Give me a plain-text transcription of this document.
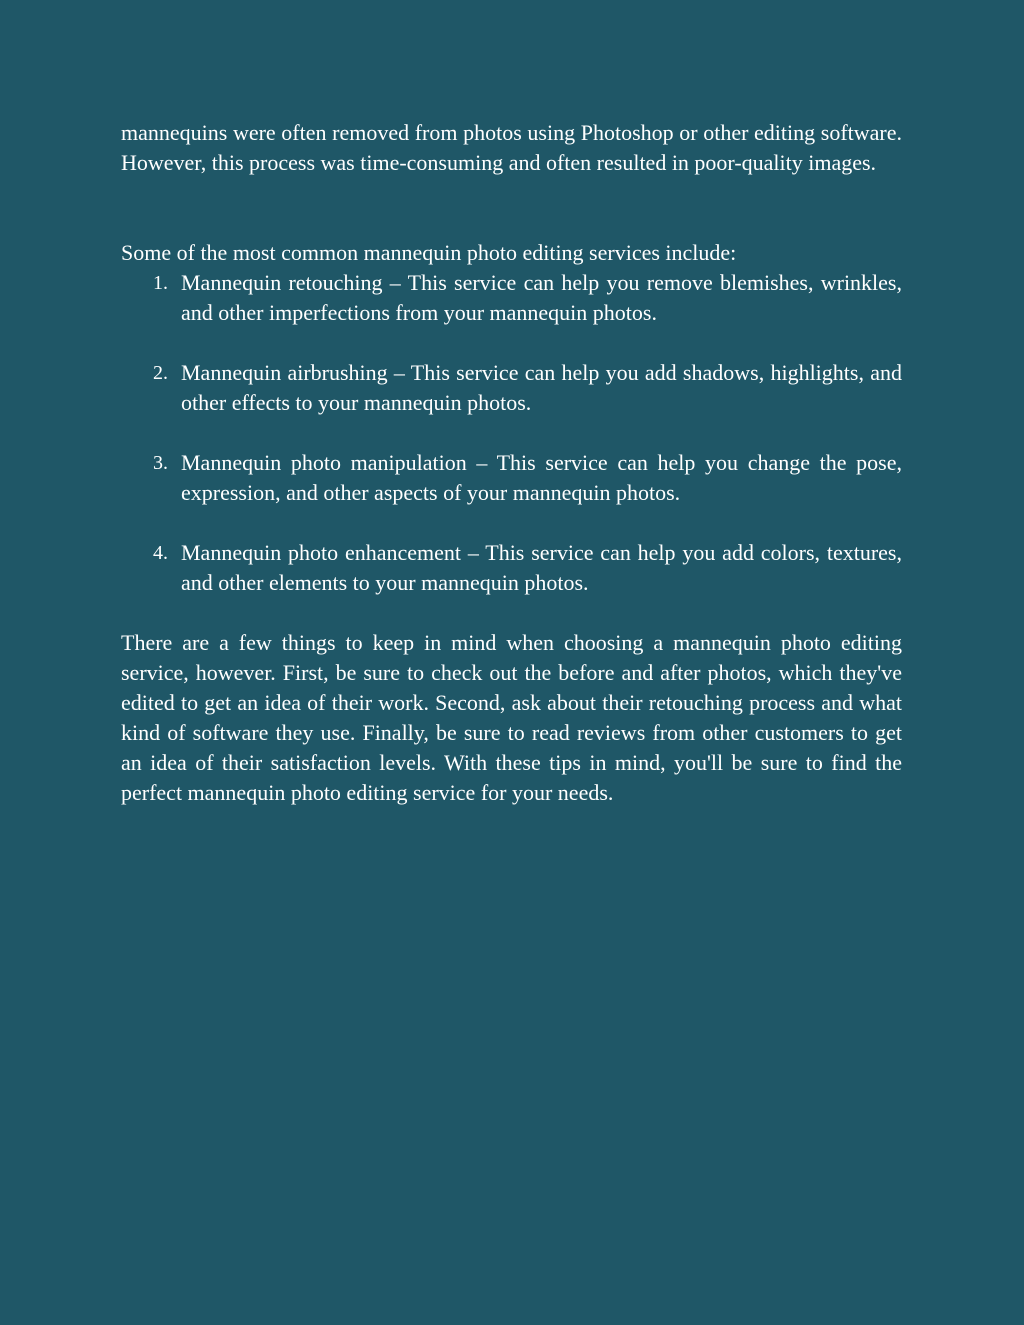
mannequins were often removed from photos using Photoshop or other editing software. However, this process was time-consuming and often resulted in poor-quality images.

Some of the most common mannequin photo editing services include:

1. Mannequin retouching – This service can help you remove blemishes, wrinkles, and other imperfections from your mannequin photos.
2. Mannequin airbrushing – This service can help you add shadows, highlights, and other effects to your mannequin photos.
3. Mannequin photo manipulation – This service can help you change the pose, expression, and other aspects of your mannequin photos.
4. Mannequin photo enhancement – This service can help you add colors, textures, and other elements to your mannequin photos.

There are a few things to keep in mind when choosing a mannequin photo editing service, however. First, be sure to check out the before and after photos, which they've edited to get an idea of their work. Second, ask about their retouching process and what kind of software they use. Finally, be sure to read reviews from other customers to get an idea of their satisfaction levels. With these tips in mind, you'll be sure to find the perfect mannequin photo editing service for your needs.
